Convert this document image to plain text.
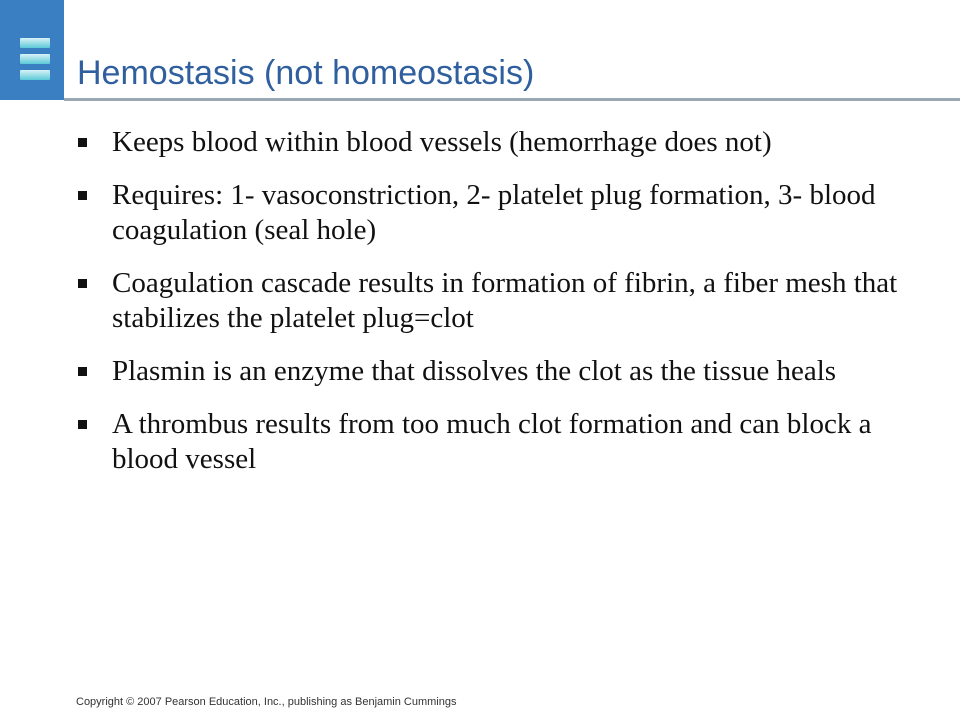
Hemostasis (not homeostasis)
Keeps blood within blood vessels (hemorrhage does not)
Requires: 1- vasoconstriction, 2- platelet plug formation, 3- blood coagulation (seal hole)
Coagulation cascade results in formation of fibrin, a fiber mesh that stabilizes the platelet plug=clot
Plasmin is an enzyme that dissolves the clot as the tissue heals
A thrombus results from too much clot formation and can block a blood vessel

Copyright © 2007 Pearson Education, Inc., publishing as Benjamin Cummings
